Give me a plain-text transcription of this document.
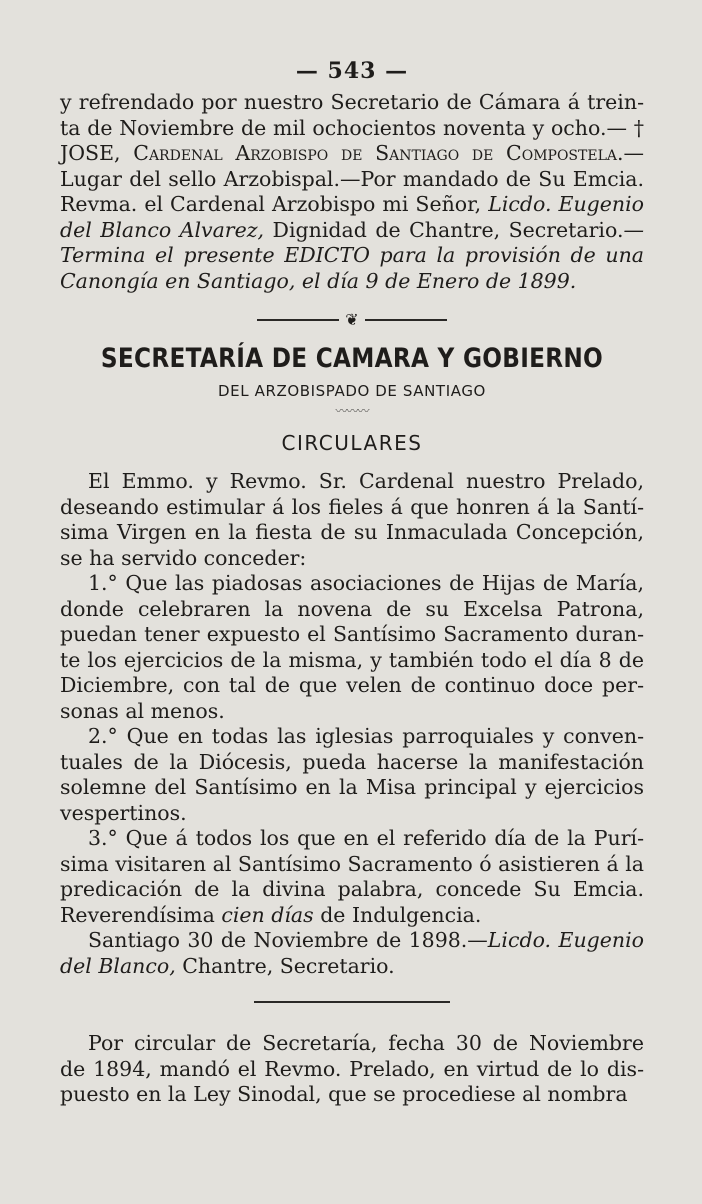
— 543 —

y refrendado por nuestro Secretario de Cámara á treinta de Noviembre de mil ochocientos noventa y ocho.— † JOSE, Cardenal Arzobispo de Santiago de Compostela.—Lugar del sello Arzobispal.—Por mandado de Su Emcia. Revma. el Cardenal Arzobispo mi Señor, Licdo. Eugenio del Blanco Alvarez, Dignidad de Chantre, Secretario.—Termina el presente EDICTO para la provisión de una Canongía en Santiago, el día 9 de Enero de 1899.

❦
SECRETARÍA DE CAMARA Y GOBIERNO
DEL ARZOBISPADO DE SANTIAGO
〰〰〰
CIRCULARES

El Emmo. y Revmo. Sr. Cardenal nuestro Prelado, deseando estimular á los fieles á que honren á la Santísima Virgen en la fiesta de su Inmaculada Concepción, se ha servido conceder:

1.° Que las piadosas asociaciones de Hijas de María, donde celebraren la novena de su Excelsa Patrona, puedan tener expuesto el Santísimo Sacramento durante los ejercicios de la misma, y también todo el día 8 de Diciembre, con tal de que velen de continuo doce personas al menos.

2.° Que en todas las iglesias parroquiales y conventuales de la Diócesis, pueda hacerse la manifestación solemne del Santísimo en la Misa principal y ejercicios vespertinos.

3.° Que á todos los que en el referido día de la Purísima visitaren al Santísimo Sacramento ó asistieren á la predicación de la divina palabra, concede Su Emcia. Reverendísima cien días de Indulgencia.

Santiago 30 de Noviembre de 1898.—Licdo. Eugenio del Blanco, Chantre, Secretario.

Por circular de Secretaría, fecha 30 de Noviembre de 1894, mandó el Revmo. Prelado, en virtud de lo dispuesto en la Ley Sinodal, que se procediese al nombra
